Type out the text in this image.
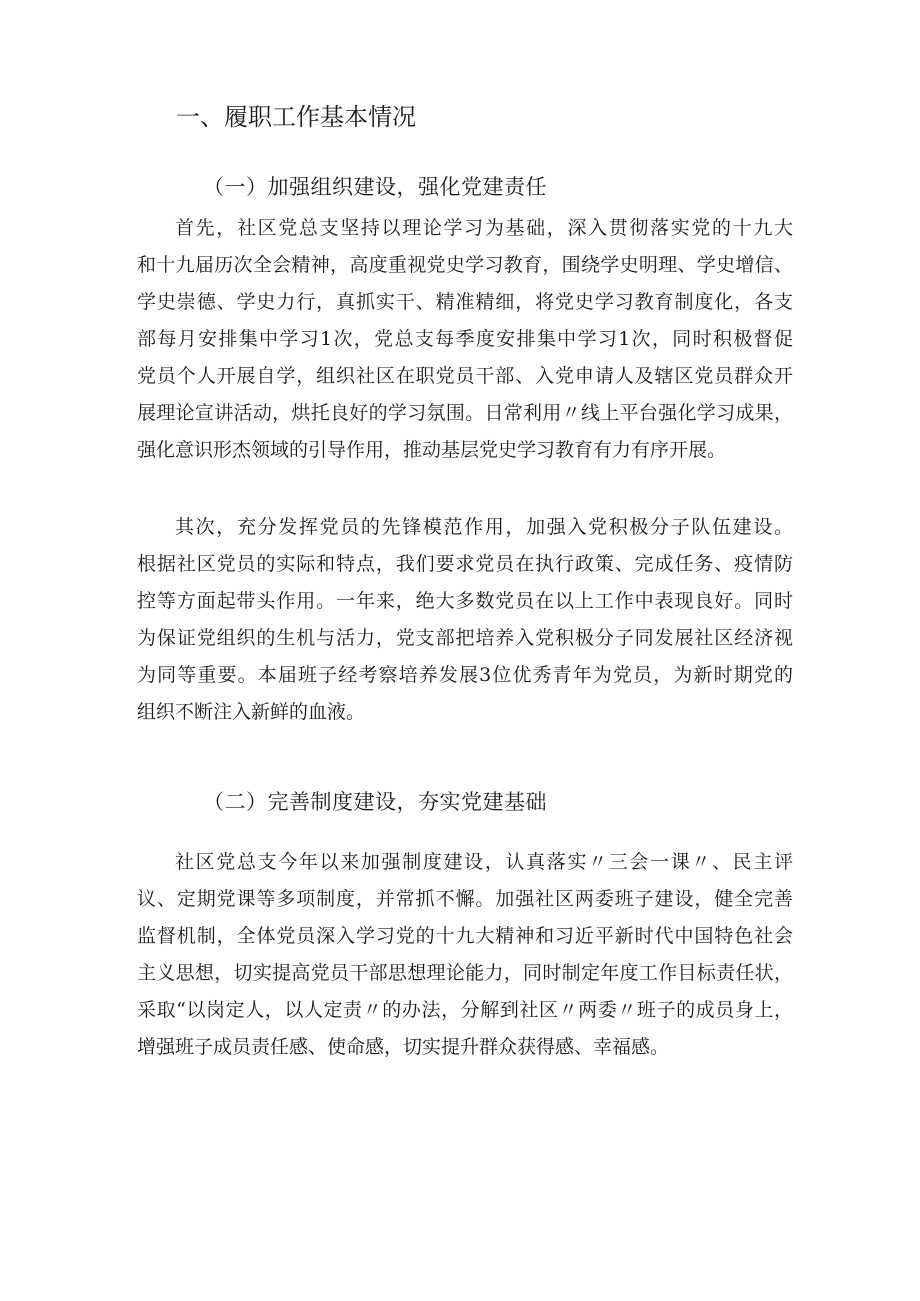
一、履职工作基本情况
（一）加强组织建设，强化党建责任
首先，社区党总支坚持以理论学习为基础，深入贯彻落实党的十九大
和十九届历次全会精神，高度重视党史学习教育，围绕学史明理、学史增信、
学史崇德、学史力行，真抓实干、精准精细，将党史学习教育制度化，各支
部每月安排集中学习1次，党总支每季度安排集中学习1次，同时积极督促
党员个人开展自学，组织社区在职党员干部、入党申请人及辖区党员群众开
展理论宣讲活动，烘托良好的学习氛围。日常利用〃线上平台强化学习成果，
强化意识形杰领域的引导作用，推动基层党史学习教育有力有序开展。
其次，充分发挥党员的先锋模范作用，加强入党积极分子队伍建设。
根据社区党员的实际和特点，我们要求党员在执行政策、完成任务、疫情防
控等方面起带头作用。一年来，绝大多数党员在以上工作中表现良好。同时
为保证党组织的生机与活力，党支部把培养入党积极分子同发展社区经济视
为同等重要。本届班子经考察培养发展3位优秀青年为党员，为新时期党的
组织不断注入新鲜的血液。
（二）完善制度建设，夯实党建基础
社区党总支今年以来加强制度建设，认真落实〃三会一课〃、民主评
议、定期党课等多项制度，并常抓不懈。加强社区两委班子建设，健全完善
监督机制，全体党员深入学习党的十九大精神和习近平新时代中国特色社会
主义思想，切实提高党员干部思想理论能力，同时制定年度工作目标责任状，
采取“以岗定人，以人定责〃的办法，分解到社区〃两委〃班子的成员身上，
增强班子成员责任感、使命感，切实提升群众获得感、幸福感。
